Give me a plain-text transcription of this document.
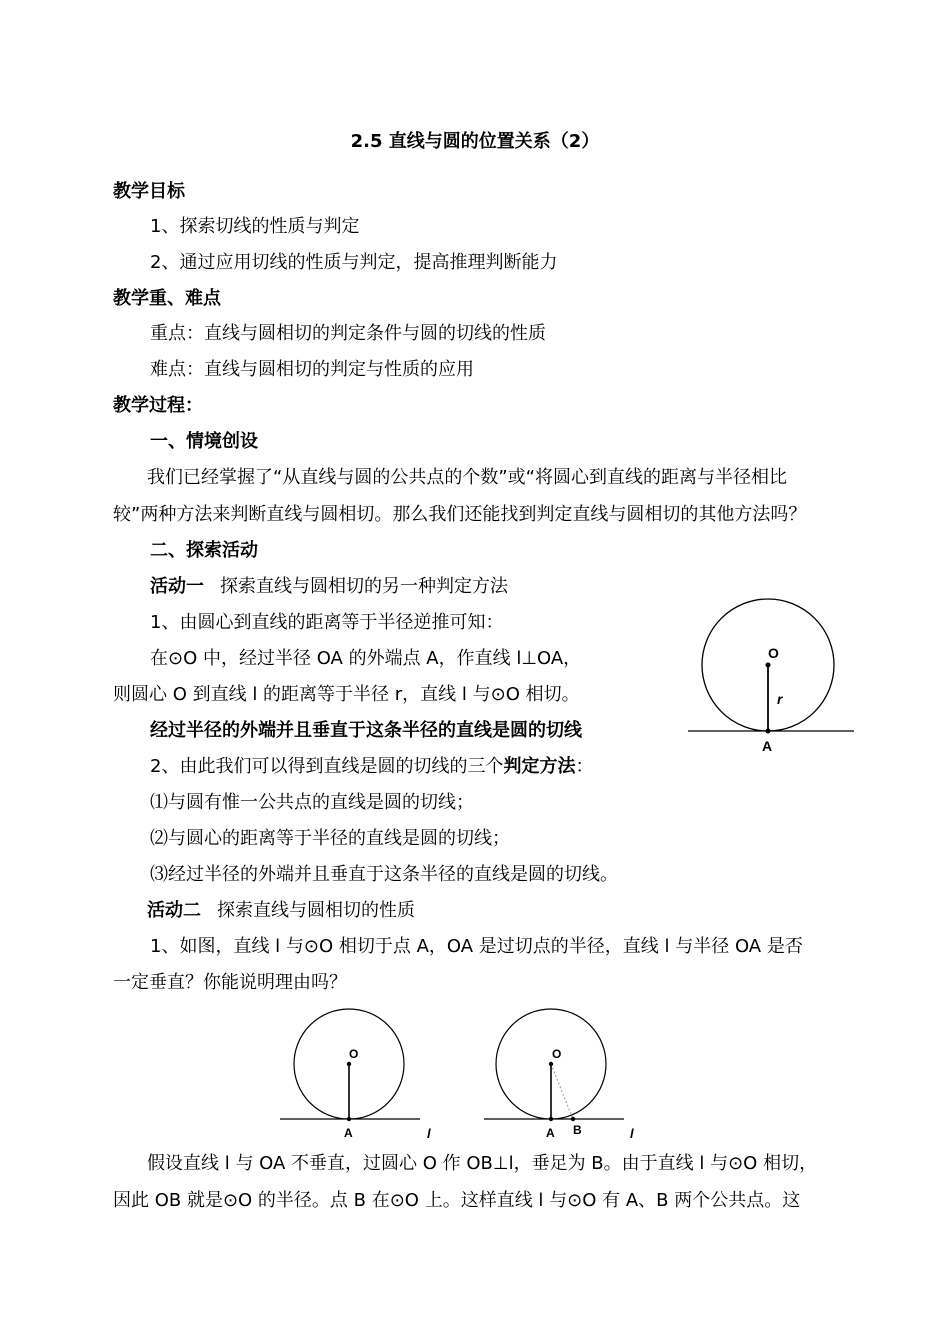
2.5 直线与圆的位置关系（2）
教学目标
1、探索切线的性质与判定
2、通过应用切线的性质与判定，提高推理判断能力
教学重、难点
重点：直线与圆相切的判定条件与圆的切线的性质
难点：直线与圆相切的判定与性质的应用
教学过程：
一、情境创设
我们已经掌握了“从直线与圆的公共点的个数”或“将圆心到直线的距离与半径相比
较”两种方法来判断直线与圆相切。那么我们还能找到判定直线与圆相切的其他方法吗？
二、探索活动
活动一 探索直线与圆相切的另一种判定方法
1、由圆心到直线的距离等于半径逆推可知：
在⊙O 中，经过半径 OA 的外端点 A，作直线 l⊥OA，
则圆心 O 到直线 l 的距离等于半径 r，直线 l 与⊙O 相切。
经过半径的外端并且垂直于这条半径的直线是圆的切线
2、由此我们可以得到直线是圆的切线的三个判定方法：
⑴与圆有惟一公共点的直线是圆的切线；
⑵与圆心的距离等于半径的直线是圆的切线；
⑶经过半径的外端并且垂直于这条半径的直线是圆的切线。
活动二 探索直线与圆相切的性质
1、如图，直线 l 与⊙O 相切于点 A，OA 是过切点的半径，直线 l 与半径 OA 是否
一定垂直？你能说明理由吗？
假设直线 l 与 OA 不垂直，过圆心 O 作 OB⊥l，垂足为 B。由于直线 l 与⊙O 相切，
因此 OB 就是⊙O 的半径。点 B 在⊙O 上。这样直线 l 与⊙O 有 A、B 两个公共点。这
O
r
A
O
A	l
O
A B	l
